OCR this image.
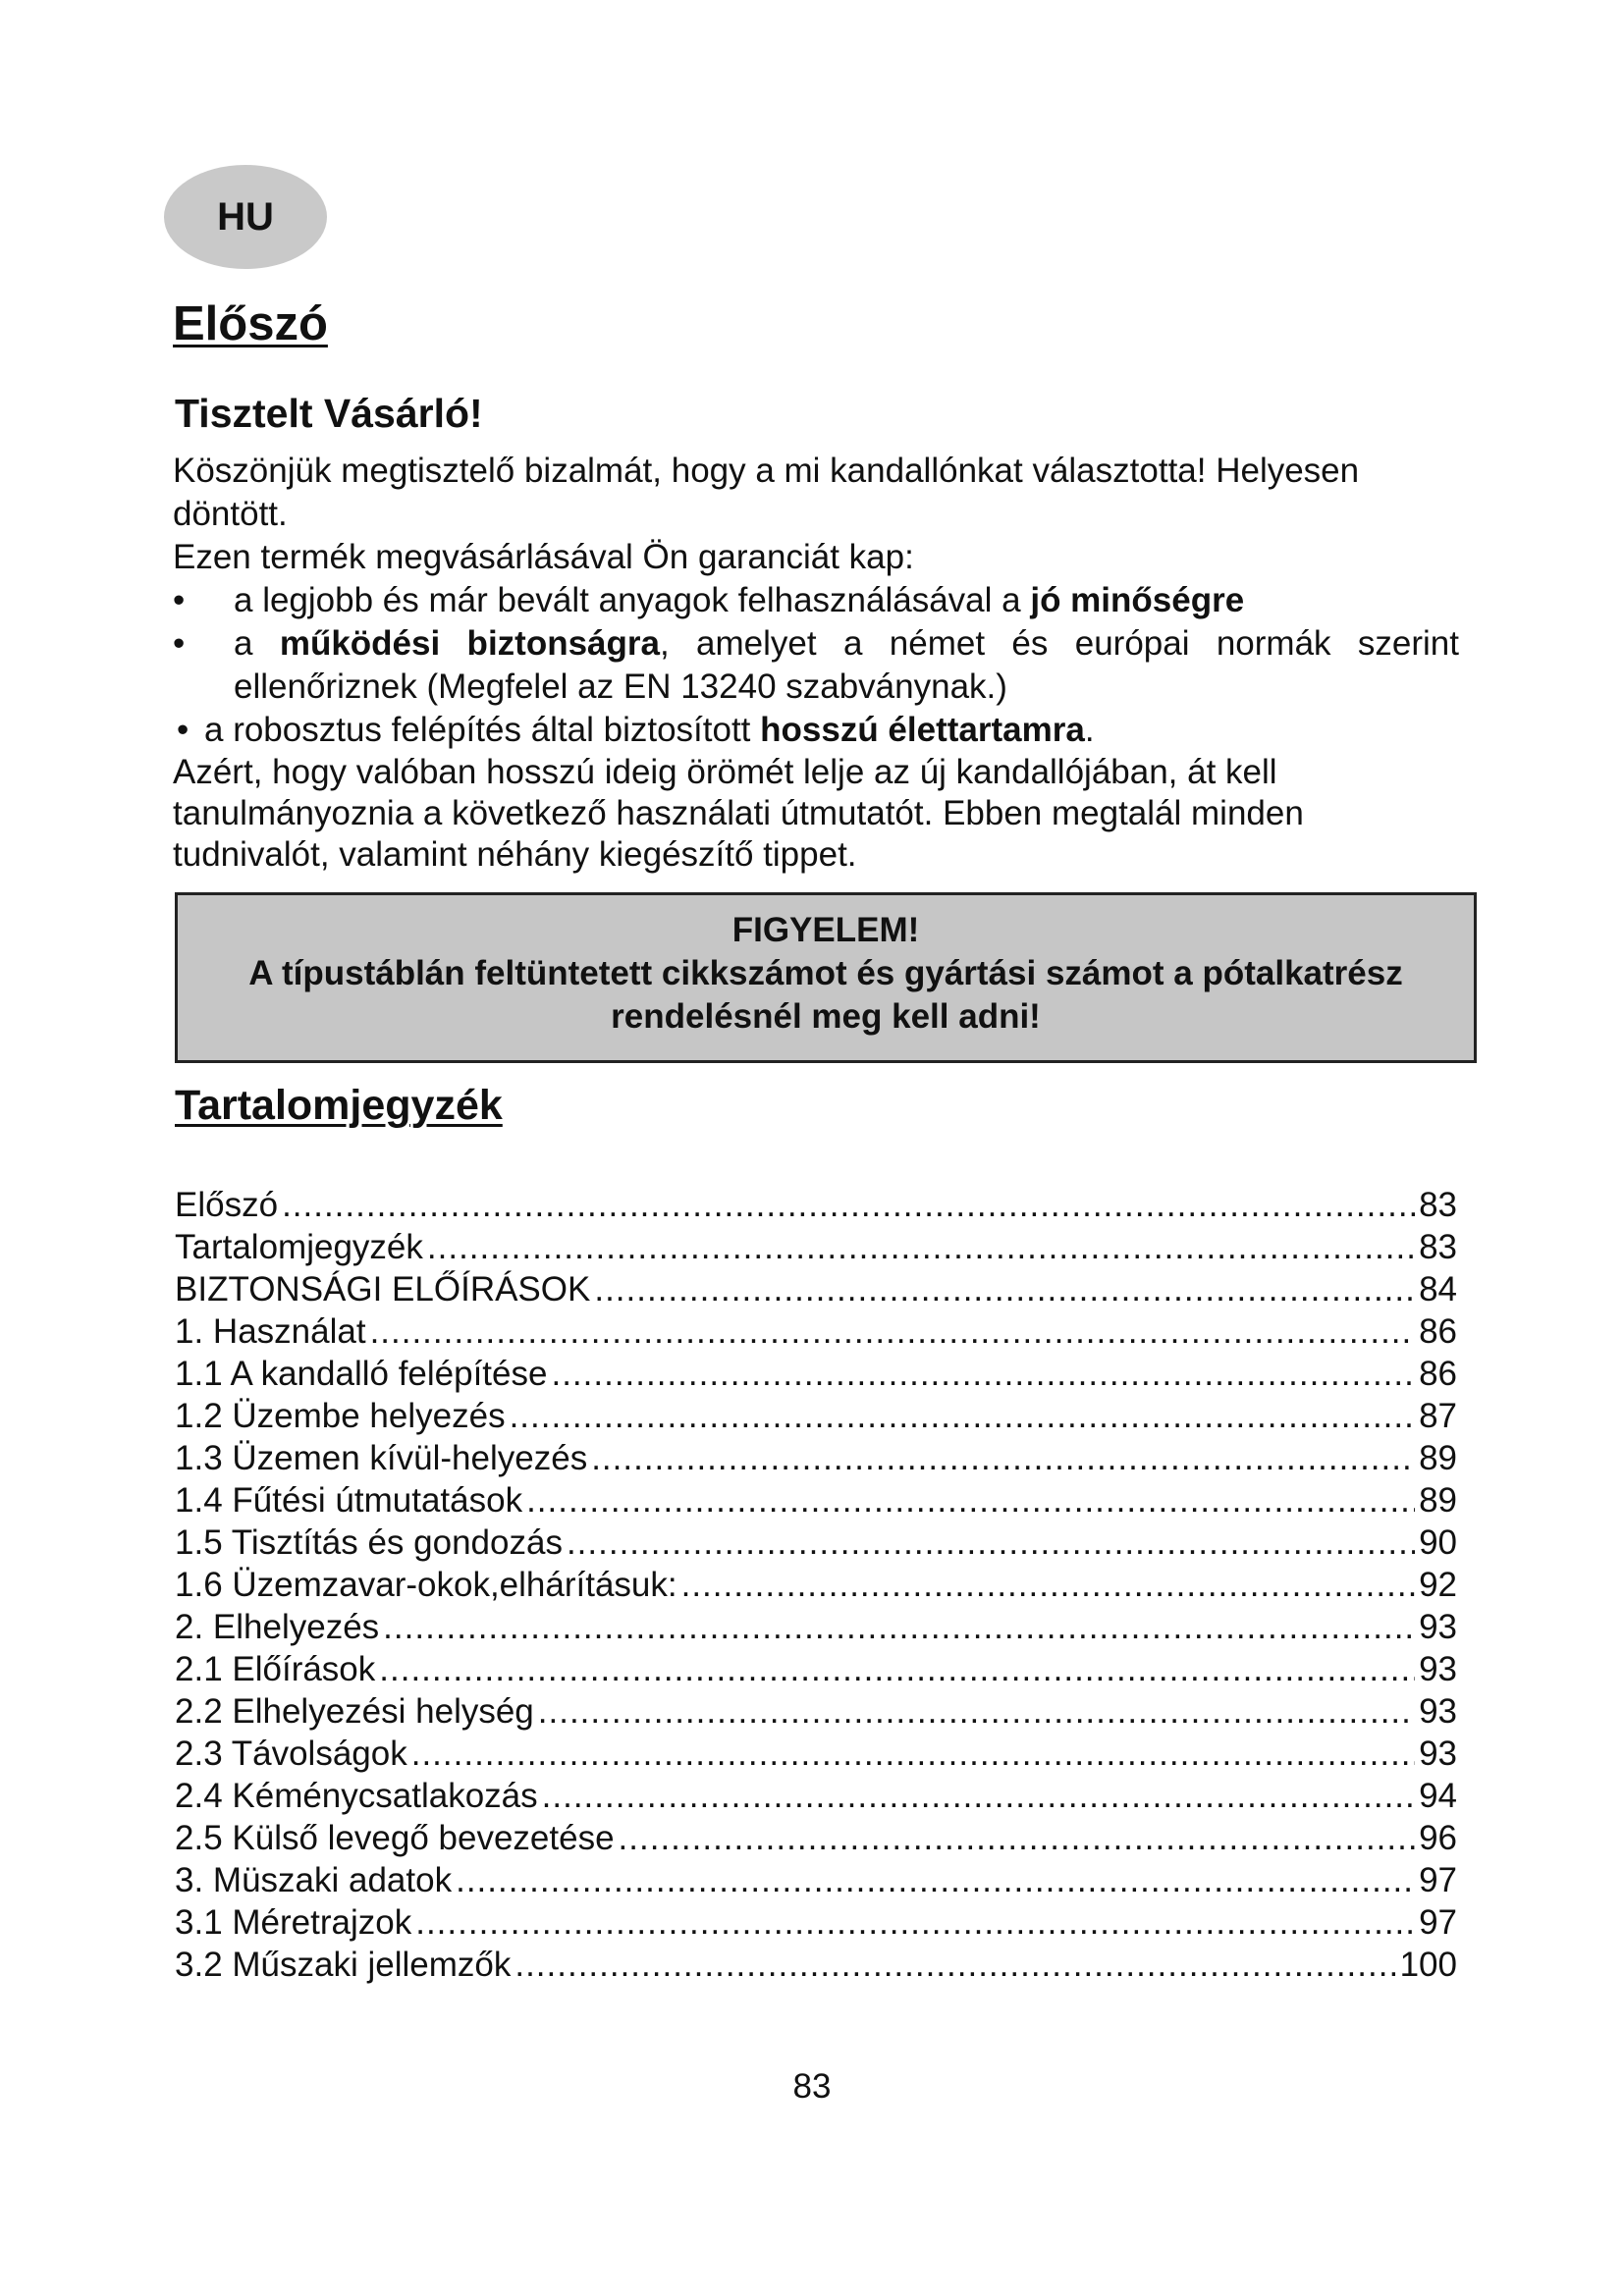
HU
Előszó
Tisztelt Vásárló!

Köszönjük megtisztelő bizalmát, hogy a mi kandallónkat választotta! Helyesen döntött.

Ezen termék megvásárlásával Ön garanciát kap:

• a legjobb és már bevált anyagok felhasználásával a jó minőségre
• a működési biztonságra, amelyet a német és európai normák szerint ellenőriznek (Megfelel az EN 13240 szabványnak.)
• a robosztus felépítés által biztosított hosszú élettartamra.

Azért, hogy valóban hosszú ideig örömét lelje az új kandallójában, át kell tanulmányoznia a következő használati útmutatót. Ebben megtalál minden tudnivalót, valamint néhány kiegészítő tippet.

FIGYELEM!
A típustáblán feltüntetett cikkszámot és gyártási számot a pótalkatrész rendelésnél meg kell adni!
Tartalomjegyzék
Előszó .....	83
Tartalomjegyzék .....	83
BIZTONSÁGI ELŐÍRÁSOK .....	84
1. Használat .....	86
1.1 A kandalló felépítése .....	86
1.2 Üzembe helyezés .....	87
1.3 Üzemen kívül-helyezés .....	89
1.4 Fűtési útmutatások .....	89
1.5 Tisztítás és gondozás .....	90
1.6 Üzemzavar-okok,elhárításuk: .....	92
2. Elhelyezés .....	93
2.1 Előírások .....	93
2.2 Elhelyezési helység .....	93
2.3 Távolságok .....	93
2.4 Kéménycsatlakozás .....	94
2.5 Külső levegő bevezetése .....	96
3. Müszaki adatok .....	97
3.1 Méretrajzok .....	97
3.2 Műszaki jellemzők .....	100
83
